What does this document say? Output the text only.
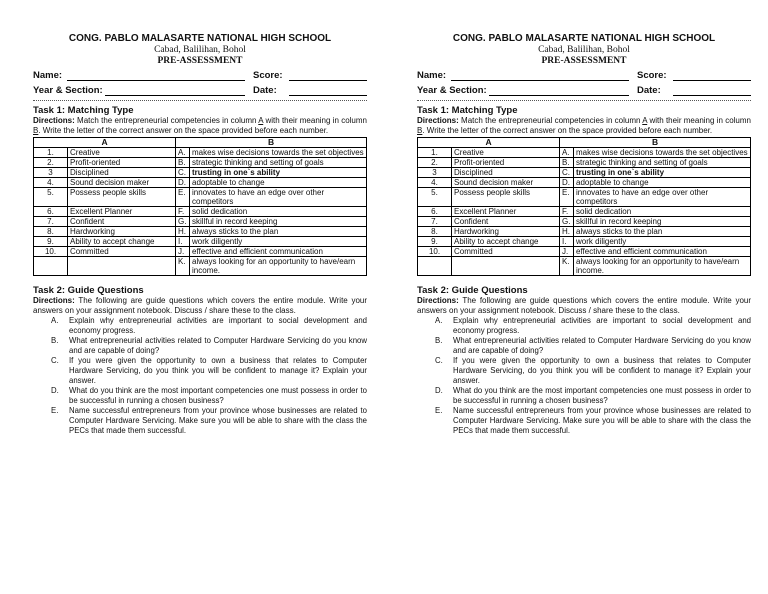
CONG. PABLO MALASARTE NATIONAL HIGH SCHOOL
Cabad, Balilihan, Bohol
PRE-ASSESSMENT
Name:	Score:
Year & Section:	Date:
Task 1: Matching Type
Directions: Match the entrepreneurial competencies in column A with their meaning in column B. Write the letter of the correct answer on the space provided before each number.
A		B	
1.	Creative	A.	makes wise decisions towards the set objectives
2.	Profit-oriented	B.	strategic thinking and setting of goals
3	Disciplined	C.	trusting in one`s ability
4.	Sound decision maker	D.	adoptable to change
5.	Possess people skills	E.	innovates to have an edge over other competitors
6.	Excellent Planner	F.	solid dedication
7.	Confident	G.	skillful in record keeping
8.	Hardworking	H.	always sticks to the plan
9.	Ability to accept change	I.	work diligently
10.	Committed	J.	effective and efficient communication
		K.	always looking for an opportunity to have/earn income.
Task 2: Guide Questions
Directions: The following are guide questions which covers the entire module. Write your answers on your assignment notebook. Discuss / share these to the class.
A. Explain why entrepreneurial activities are important to social development and economy progress.
B. What entrepreneurial activities related to Computer Hardware Servicing do you know and are capable of doing?
C. If you were given the opportunity to own a business that relates to Computer Hardware Servicing, do you think you will be confident to manage it? Explain your answer.
D. What do you think are the most important competencies one must possess in order to be successful in running a chosen business?
E. Name successful entrepreneurs from your province whose businesses are related to Computer Hardware Servicing. Make sure you will be able to share with the class the PECs that made them successful.
CONG. PABLO MALASARTE NATIONAL HIGH SCHOOL
Cabad, Balilihan, Bohol
PRE-ASSESSMENT
Name:	Score:
Year & Section:	Date:
Task 1: Matching Type
Directions: Match the entrepreneurial competencies in column A with their meaning in column B. Write the letter of the correct answer on the space provided before each number.
A		B	
1.	Creative	A.	makes wise decisions towards the set objectives
2.	Profit-oriented	B.	strategic thinking and setting of goals
3	Disciplined	C.	trusting in one`s ability
4.	Sound decision maker	D.	adoptable to change
5.	Possess people skills	E.	innovates to have an edge over other competitors
6.	Excellent Planner	F.	solid dedication
7.	Confident	G.	skillful in record keeping
8.	Hardworking	H.	always sticks to the plan
9.	Ability to accept change	I.	work diligently
10.	Committed	J.	effective and efficient communication
		K.	always looking for an opportunity to have/earn income.
Task 2: Guide Questions
Directions: The following are guide questions which covers the entire module. Write your answers on your assignment notebook. Discuss / share these to the class.
A. Explain why entrepreneurial activities are important to social development and economy progress.
B. What entrepreneurial activities related to Computer Hardware Servicing do you know and are capable of doing?
C. If you were given the opportunity to own a business that relates to Computer Hardware Servicing, do you think you will be confident to manage it? Explain your answer.
D. What do you think are the most important competencies one must possess in order to be successful in running a chosen business?
E. Name successful entrepreneurs from your province whose businesses are related to Computer Hardware Servicing. Make sure you will be able to share with the class the PECs that made them successful.
